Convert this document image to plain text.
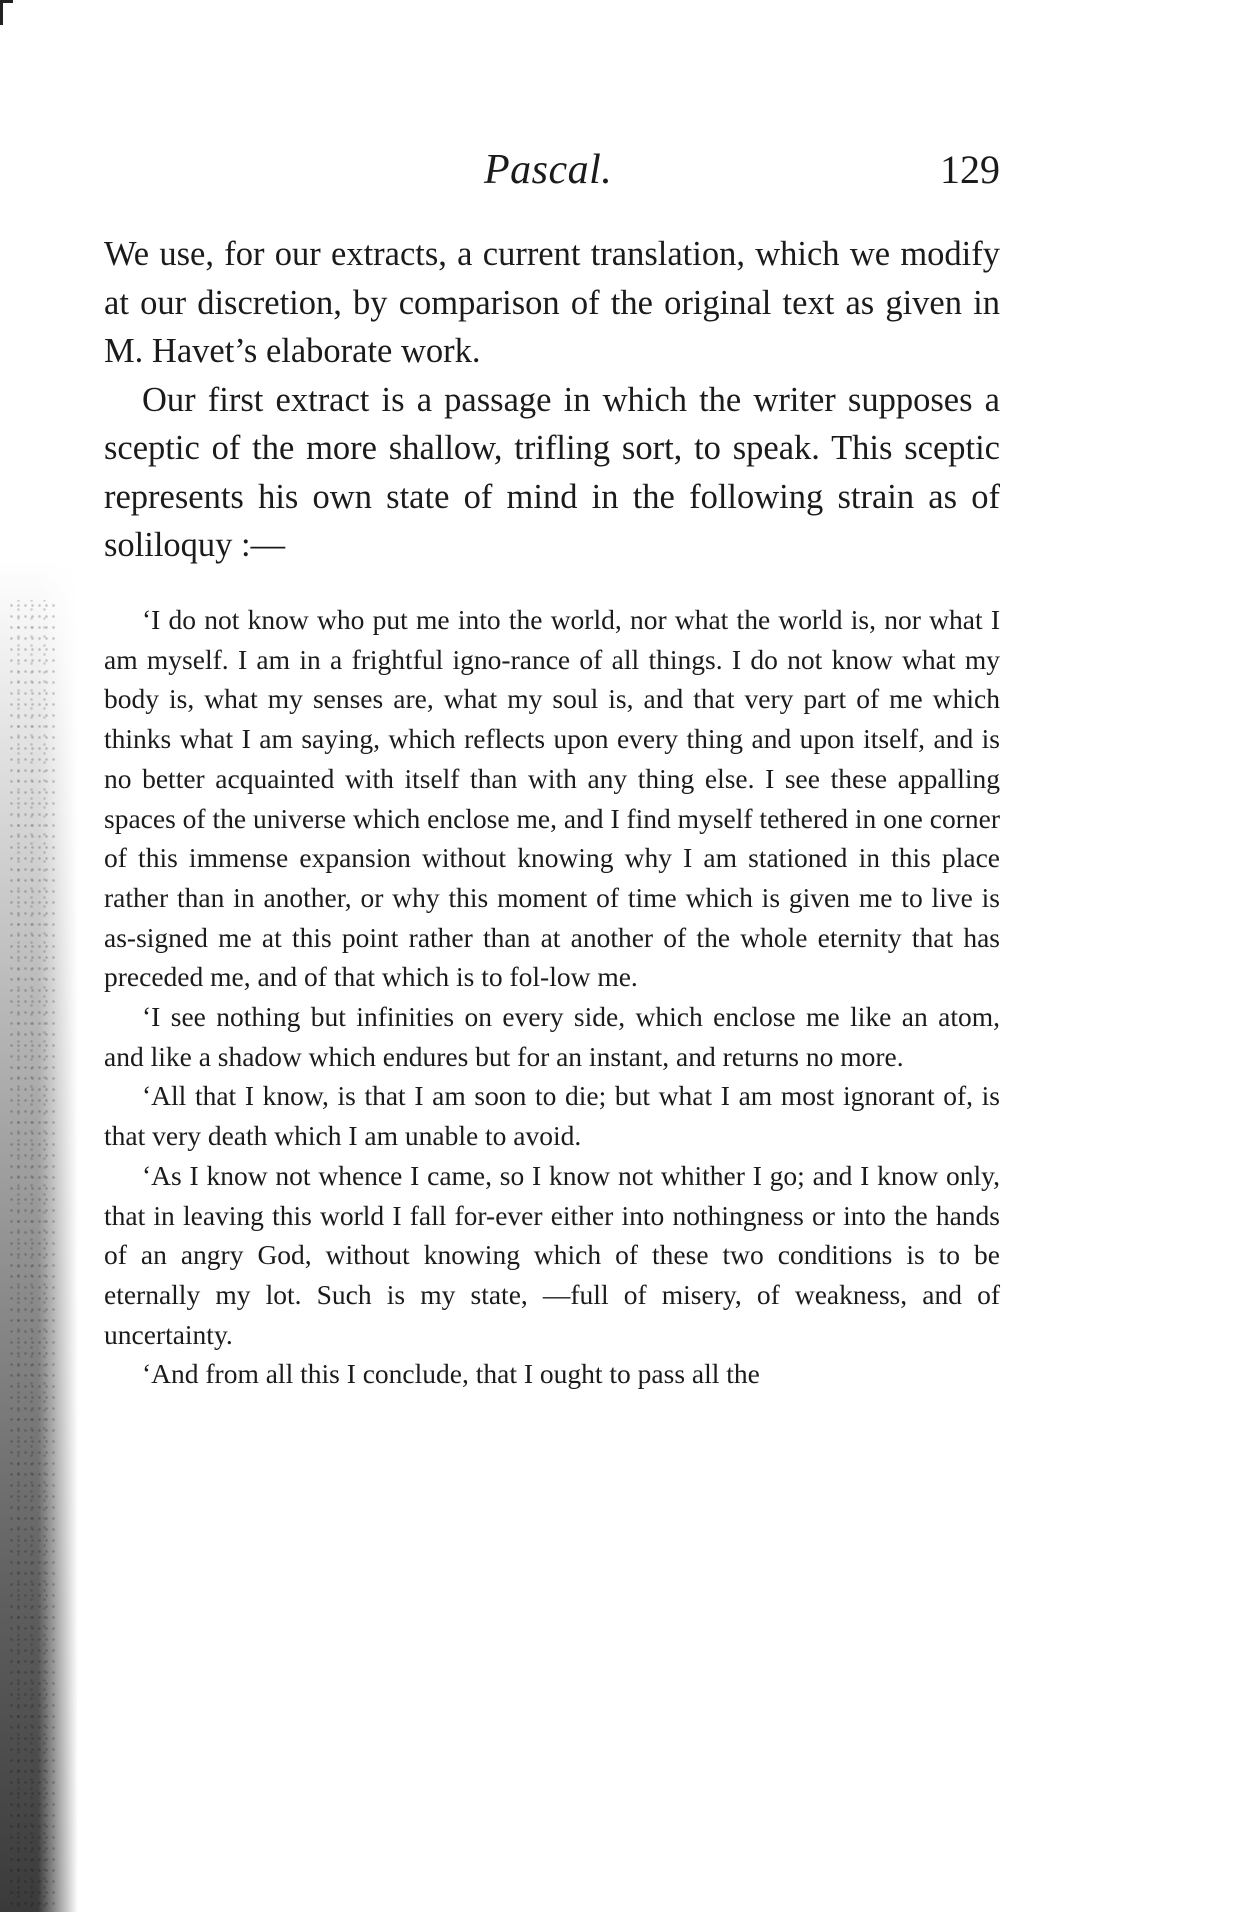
Pascal.	129

We use, for our extracts, a current translation, which we modify at our discretion, by comparison of the original text as given in M. Havet’s elaborate work.

Our first extract is a passage in which the writer supposes a sceptic of the more shallow, trifling sort, to speak. This sceptic represents his own state of mind in the following strain as of soliloquy :—

‘I do not know who put me into the world, nor what the world is, nor what I am myself. I am in a frightful igno-rance of all things. I do not know what my body is, what my senses are, what my soul is, and that very part of me which thinks what I am saying, which reflects upon every thing and upon itself, and is no better acquainted with itself than with any thing else. I see these appalling spaces of the universe which enclose me, and I find myself tethered in one corner of this immense expansion without knowing why I am stationed in this place rather than in another, or why this moment of time which is given me to live is as-signed me at this point rather than at another of the whole eternity that has preceded me, and of that which is to fol-low me.

‘I see nothing but infinities on every side, which enclose me like an atom, and like a shadow which endures but for an instant, and returns no more.

‘All that I know, is that I am soon to die; but what I am most ignorant of, is that very death which I am unable to avoid.

‘As I know not whence I came, so I know not whither I go; and I know only, that in leaving this world I fall for-ever either into nothingness or into the hands of an angry God, without knowing which of these two conditions is to be eternally my lot. Such is my state, —full of misery, of weakness, and of uncertainty.

‘And from all this I conclude, that I ought to pass all the
